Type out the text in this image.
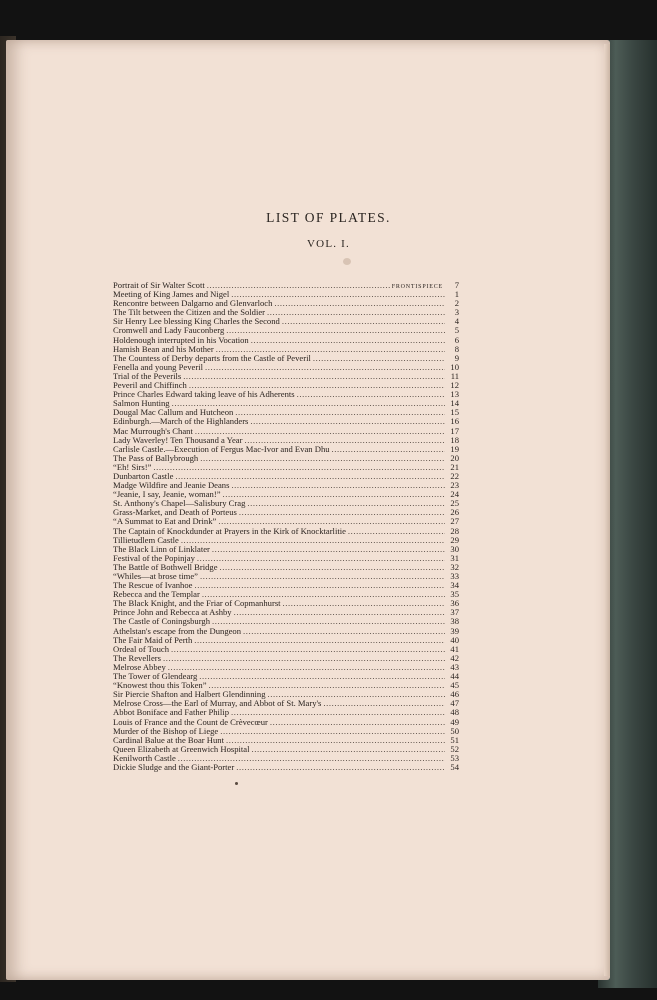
LIST OF PLATES.
VOL. I.
Portrait of Sir Walter Scott .....	FRONTISPIECE	7
Meeting of King James and Nigel .....	1
Rencontre between Dalgarno and Glenvarloch .....	2
The Tilt between the Citizen and the Soldier .....	3
Sir Henry Lee blessing King Charles the Second .....	4
Cromwell and Lady Fauconberg .....	5
Holdenough interrupted in his Vocation .....	6
Hamish Bean and his Mother .....	8
The Countess of Derby departs from the Castle of Peveril .....	9
Fenella and young Peveril .....	10
Trial of the Peverils .....	11
Peveril and Chiffinch .....	12
Prince Charles Edward taking leave of his Adherents .....	13
Salmon Hunting .....	14
Dougal Mac Callum and Hutcheon .....	15
Edinburgh.—March of the Highlanders .....	16
Mac Murrough's Chant .....	17
Lady Waverley! Ten Thousand a Year .....	18
Carlisle Castle.—Execution of Fergus Mac-Ivor and Evan Dhu .....	19
The Pass of Ballybrough .....	20
“Eh! Sirs!” .....	21
Dunbarton Castle .....	22
Madge Wildfire and Jeanie Deans .....	23
“Jeanie, I say, Jeanie, woman!” .....	24
St. Anthony's Chapel—Salisbury Crag .....	25
Grass-Market, and Death of Porteus .....	26
“A Summat to Eat and Drink” .....	27
The Captain of Knockdunder at Prayers in the Kirk of Knocktarlitie .....	28
Tillietudlem Castle .....	29
The Black Linn of Linklater .....	30
Festival of the Popinjay .....	31
The Battle of Bothwell Bridge .....	32
“Whiles—at brose time” .....	33
The Rescue of Ivanhoe .....	34
Rebecca and the Templar .....	35
The Black Knight, and the Friar of Copmanhurst .....	36
Prince John and Rebecca at Ashby .....	37
The Castle of Coningsburgh .....	38
Athelstan's escape from the Dungeon .....	39
The Fair Maid of Perth .....	40
Ordeal of Touch .....	41
The Revellers .....	42
Melrose Abbey .....	43
The Tower of Glendearg .....	44
“Knowest thou this Token” .....	45
Sir Piercie Shafton and Halbert Glendinning .....	46
Melrose Cross—the Earl of Murray, and Abbot of St. Mary's .....	47
Abbot Boniface and Father Philip .....	48
Louis of France and the Count de Crèvecœur .....	49
Murder of the Bishop of Liege .....	50
Cardinal Balue at the Boar Hunt .....	51
Queen Elizabeth at Greenwich Hospital .....	52
Kenilworth Castle .....	53
Dickie Sludge and the Giant-Porter .....	54
